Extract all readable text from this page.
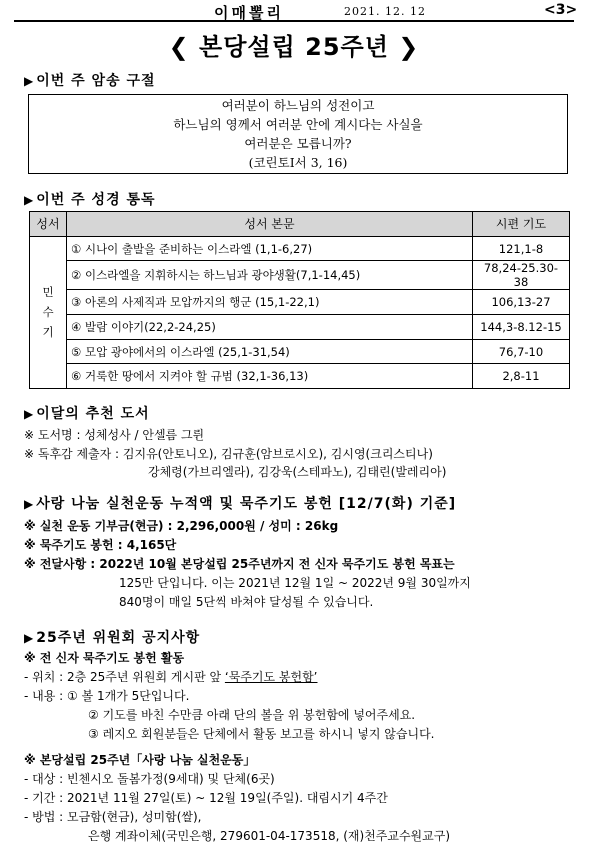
이매뽈리	2021. 12. 12	<3>
❮ 본당설립 25주년 ❯
▶ 이번 주 암송 구절
여러분이 하느님의 성전이고
하느님의 영께서 여러분 안에 계시다는 사실을
여러분은 모릅니까?
(코린토Ⅰ서 3, 16)
▶ 이번 주 성경 통독
성서	성서 본문	시편 기도
민
수
기	① 시나이 출발을 준비하는 이스라엘 (1,1-6,27)	121,1-8
	② 이스라엘을 지휘하시는 하느님과 광야생활(7,1-14,45)	78,24-25.30-38
	③ 아론의 사제직과 모압까지의 행군 (15,1-22,1)	106,13-27
	④ 발람 이야기(22,2-24,25)	144,3-8.12-15
	⑤ 모압 광야에서의 이스라엘 (25,1-31,54)	76,7-10
	⑥ 거룩한 땅에서 지켜야 할 규범 (32,1-36,13)	2,8-11
▶ 이달의 추천 도서
※ 도서명 : 성체성사 / 안셀름 그륀
※ 독후감 제출자 : 김지유(안토니오), 김규훈(암브로시오), 김시영(크리스티나)
강체령(가브리엘라), 김강욱(스테파노), 김태린(발레리아)
▶ 사랑 나눔 실천운동 누적액 및 묵주기도 봉헌 [12/7(화) 기준]
※ 실천 운동 기부금(현금) : 2,296,000원 / 성미 : 26kg
※ 묵주기도 봉헌 : 4,165단
※ 전달사항 : 2022년 10월 본당설립 25주년까지 전 신자 묵주기도 봉헌 목표는
125만 단입니다. 이는 2021년 12월 1일 ~ 2022년 9월 30일까지
840명이 매일 5단씩 바쳐야 달성될 수 있습니다.
▶ 25주년 위원회 공지사항
※ 전 신자 묵주기도 봉헌 활동
- 위치 : 2층 25주년 위원회 게시판 앞 ‘묵주기도 봉헌함’
- 내용 : ① 볼 1개가 5단입니다.
② 기도를 바친 수만큼 아래 단의 볼을 위 봉헌함에 넣어주세요.
③ 레지오 회원분들은 단체에서 활동 보고를 하시니 넣지 않습니다.
※ 본당설립 25주년「사랑 나눔 실천운동」
- 대상 : 빈첸시오 돌봄가정(9세대) 및 단체(6곳)
- 기간 : 2021년 11월 27일(토) ~ 12월 19일(주일). 대림시기 4주간
- 방법 : 모금함(현금), 성미함(쌀),
은행 계좌이체(국민은행, 279601-04-173518, (재)천주교수원교구)
